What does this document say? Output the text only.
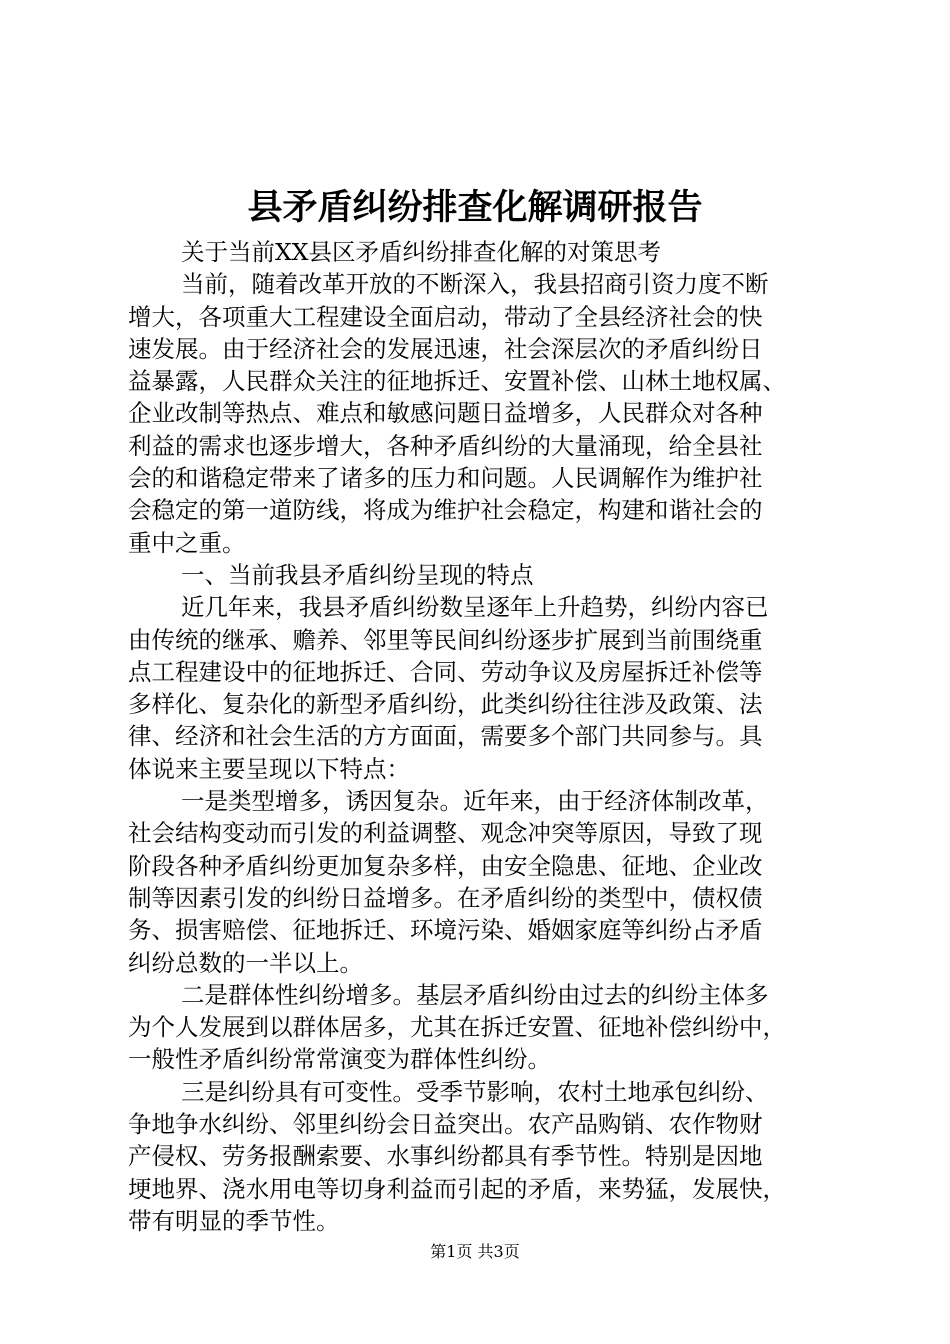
县矛盾纠纷排查化解调研报告
关于当前XX县区矛盾纠纷排查化解的对策思考
当前，随着改革开放的不断深入，我县招商引资力度不断
增大，各项重大工程建设全面启动，带动了全县经济社会的快
速发展。由于经济社会的发展迅速，社会深层次的矛盾纠纷日
益暴露，人民群众关注的征地拆迁、安置补偿、山林土地权属、
企业改制等热点、难点和敏感问题日益增多，人民群众对各种
利益的需求也逐步增大，各种矛盾纠纷的大量涌现，给全县社
会的和谐稳定带来了诸多的压力和问题。人民调解作为维护社
会稳定的第一道防线，将成为维护社会稳定，构建和谐社会的
重中之重。
一、当前我县矛盾纠纷呈现的特点
近几年来，我县矛盾纠纷数呈逐年上升趋势，纠纷内容已
由传统的继承、赡养、邻里等民间纠纷逐步扩展到当前围绕重
点工程建设中的征地拆迁、合同、劳动争议及房屋拆迁补偿等
多样化、复杂化的新型矛盾纠纷，此类纠纷往往涉及政策、法
律、经济和社会生活的方方面面，需要多个部门共同参与。具
体说来主要呈现以下特点：
一是类型增多，诱因复杂。近年来，由于经济体制改革，
社会结构变动而引发的利益调整、观念冲突等原因，导致了现
阶段各种矛盾纠纷更加复杂多样，由安全隐患、征地、企业改
制等因素引发的纠纷日益增多。在矛盾纠纷的类型中，债权债
务、损害赔偿、征地拆迁、环境污染、婚姻家庭等纠纷占矛盾
纠纷总数的一半以上。
二是群体性纠纷增多。基层矛盾纠纷由过去的纠纷主体多
为个人发展到以群体居多，尤其在拆迁安置、征地补偿纠纷中，
一般性矛盾纠纷常常演变为群体性纠纷。
三是纠纷具有可变性。受季节影响，农村土地承包纠纷、
争地争水纠纷、邻里纠纷会日益突出。农产品购销、农作物财
产侵权、劳务报酬索要、水事纠纷都具有季节性。特别是因地
埂地界、浇水用电等切身利益而引起的矛盾，来势猛，发展快，
带有明显的季节性。
第1页 共3页
